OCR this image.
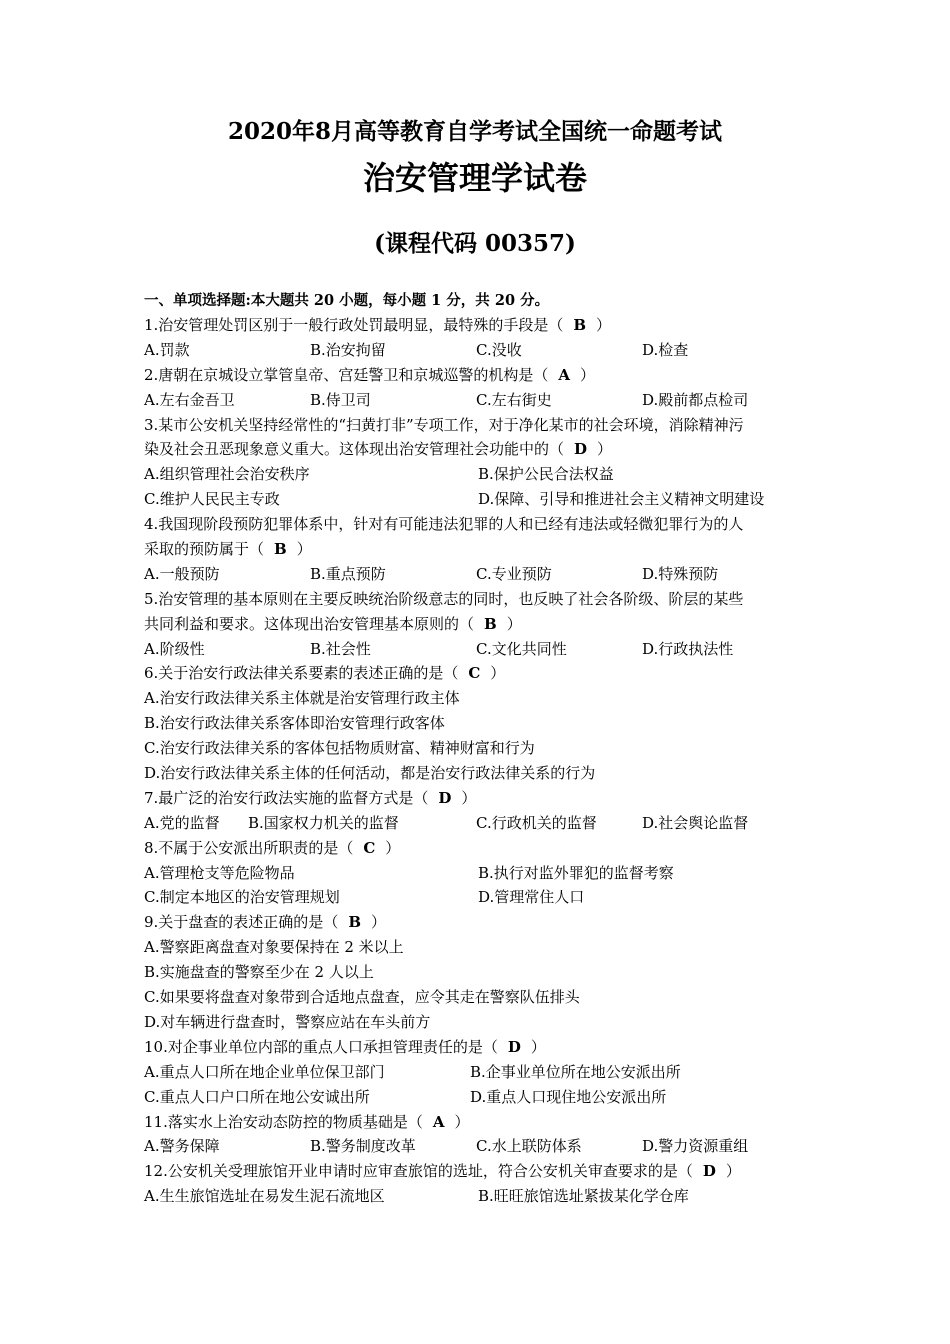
2020年8月高等教育自学考试全国统一命题考试
治安管理学试卷
(课程代码 00357)
一、单项选择题:本大题共 20 小题，每小题 1 分，共 20 分。
1.治安管理处罚区别于一般行政处罚最明显，最特殊的手段是（ B ）
A.罚款	B.治安拘留	C.没收	D.检查
2.唐朝在京城设立掌管皇帝、宫廷警卫和京城巡警的机构是（ A ）
A.左右金吾卫	B.侍卫司	C.左右街史	D.殿前都点检司
3.某市公安机关坚持经常性的“扫黄打非”专项工作，对于净化某市的社会环境，消除精神污
染及社会丑恶现象意义重大。这体现出治安管理社会功能中的（ D ）
A.组织管理社会治安秩序	B.保护公民合法权益
C.维护人民民主专政	D.保障、引导和推进社会主义精神文明建设
4.我国现阶段预防犯罪体系中，针对有可能违法犯罪的人和已经有违法或轻微犯罪行为的人
采取的预防属于（ B ）
A.一般预防	B.重点预防	C.专业预防	D.特殊预防
5.治安管理的基本原则在主要反映统治阶级意志的同时，也反映了社会各阶级、阶层的某些
共同利益和要求。这体现出治安管理基本原则的（ B ）
A.阶级性	B.社会性	C.文化共同性	D.行政执法性
6.关于治安行政法律关系要素的表述正确的是（ C ）
A.治安行政法律关系主体就是治安管理行政主体
B.治安行政法律关系客体即治安管理行政客体
C.治安行政法律关系的客体包括物质财富、精神财富和行为
D.治安行政法律关系主体的任何活动，都是治安行政法律关系的行为
7.最广泛的治安行政法实施的监督方式是（ D ）
A.党的监督 B.国家权力机关的监督	C.行政机关的监督	D.社会舆论监督
8.不属于公安派出所职责的是（ C ）
A.管理枪支等危险物品	B.执行对监外罪犯的监督考察
C.制定本地区的治安管理规划	D.管理常住人口
9.关于盘查的表述正确的是（ B ）
A.警察距离盘查对象要保持在 2 米以上
B.实施盘查的警察至少在 2 人以上
C.如果要将盘查对象带到合适地点盘查，应令其走在警察队伍排头
D.对车辆进行盘查时，警察应站在车头前方
10.对企事业单位内部的重点人口承担管理责任的是（ D ）
A.重点人口所在地企业单位保卫部门	B.企事业单位所在地公安派出所
C.重点人口户口所在地公安诚出所	D.重点人口现住地公安派出所
11.落实水上治安动态防控的物质基础是（ A ）
A.警务保障	B.警务制度改革	C.水上联防体系	D.警力资源重组
12.公安机关受理旅馆开业申请时应审查旅馆的选址，符合公安机关审查要求的是（ D ）
A.生生旅馆选址在易发生泥石流地区	B.旺旺旅馆选址紧拔某化学仓库
